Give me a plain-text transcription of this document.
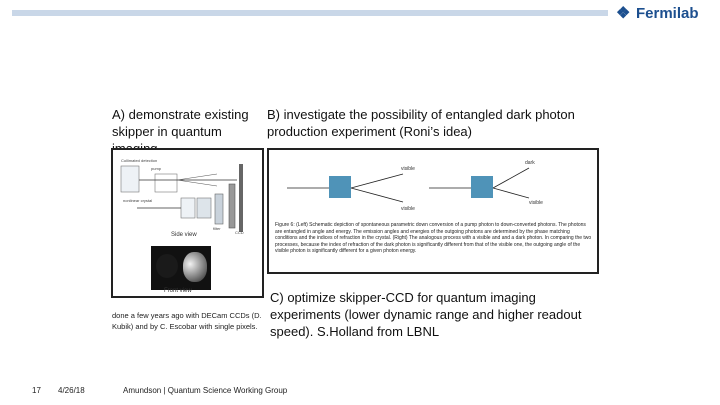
❖ Fermilab
A) demonstrate existing skipper in quantum
B) investigate the possibility of entangled dark photon production experiment (Roni’s idea)
Collimated detection
pump
nonlinear crystal
filter
CCD
Side view
Front view
done a few years ago with DECam CCDs (D. Kubik) and by C. Escobar with single pixels.
visible
visible
dark
visible
Figure 6: (Left) Schematic depiction of spontaneous parametric down conversion of a pump photon to down-converted photons. The photons are entangled in angle and energy. The emission angles and energies of the outgoing photons are determined by the phase matching conditions and the indices of refraction in the crystal. (Right) The analogous process with a visible and and a dark photon. In comparing the two processes, because the index of refraction of the dark photon is significantly different from that of the visible one, the outgoing angle of the visible photon is significantly different for a given photon energy.
C) optimize skipper-CCD for quantum imaging experiments (lower dynamic range and higher readout speed). S.Holland from LBNL
17 4/26/18	Amundson | Quantum Science Working Group
